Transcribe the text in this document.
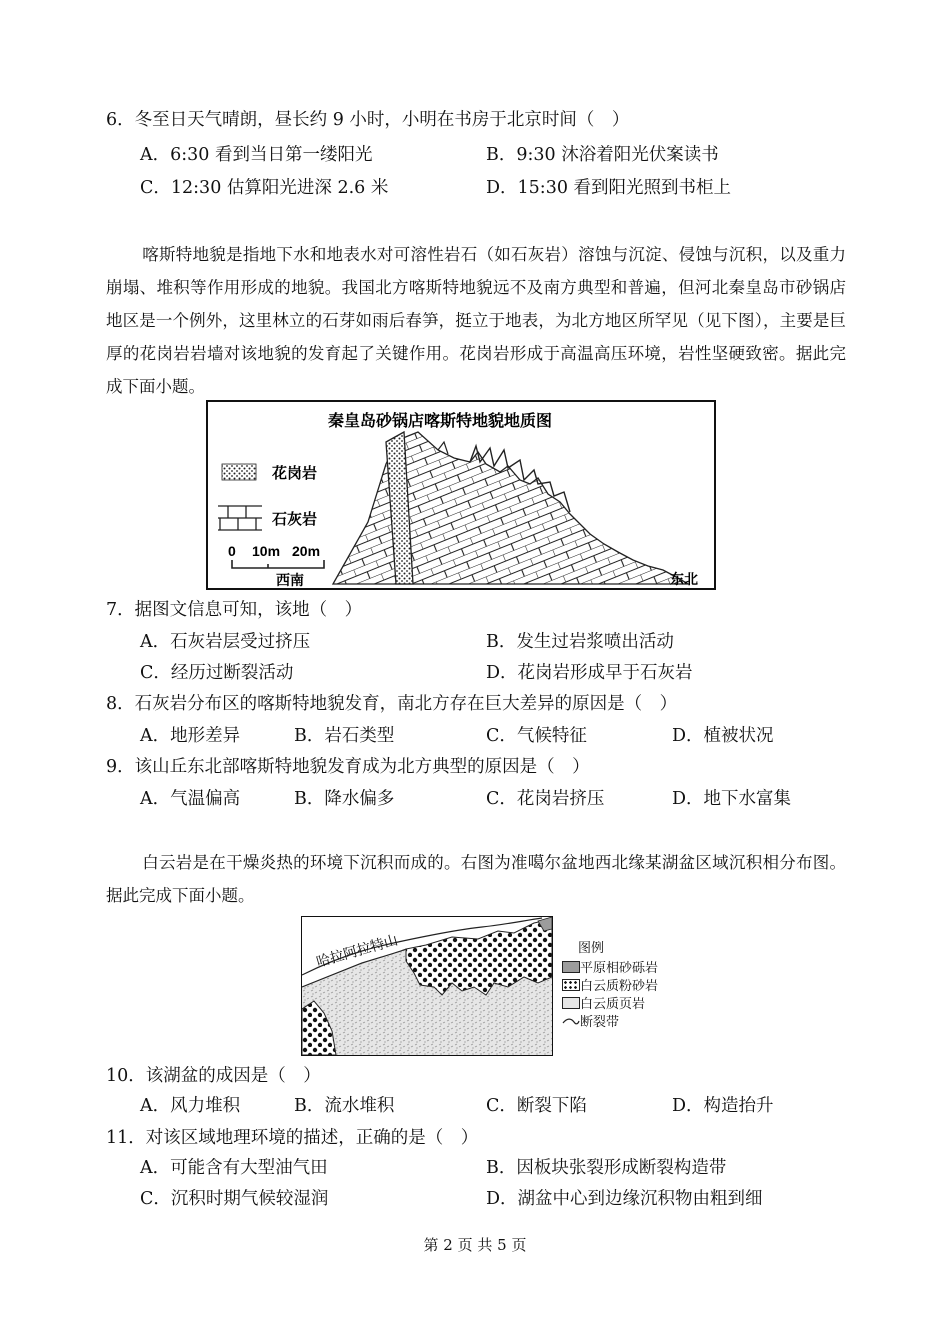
6．冬至日天气晴朗，昼长约 9 小时，小明在书房于北京时间（　）
A．6:30 看到当日第一缕阳光	B．9:30 沐浴着阳光伏案读书
C．12:30 估算阳光进深 2.6 米	D．15:30 看到阳光照到书柜上
喀斯特地貌是指地下水和地表水对可溶性岩石（如石灰岩）溶蚀与沉淀、侵蚀与沉积，以及重力崩塌、堆积等作用形成的地貌。我国北方喀斯特地貌远不及南方典型和普遍，但河北秦皇岛市砂锅店地区是一个例外，这里林立的石芽如雨后春笋，挺立于地表，为北方地区所罕见（见下图），主要是巨厚的花岗岩岩墙对该地貌的发育起了关键作用。花岗岩形成于高温高压环境，岩性坚硬致密。据此完成下面小题。
秦皇岛砂锅店喀斯特地貌地质图
花岗岩
石灰岩
0 10m 20m
西南	东北
7．据图文信息可知，该地（　）
A．石灰岩层受过挤压	B．发生过岩浆喷出活动
C．经历过断裂活动	D．花岗岩形成早于石灰岩
8．石灰岩分布区的喀斯特地貌发育，南北方存在巨大差异的原因是（　）
A．地形差异	B．岩石类型	C．气候特征	D．植被状况
9．该山丘东北部喀斯特地貌发育成为北方典型的原因是（　）
A．气温偏高	B．降水偏多	C．花岗岩挤压	D．地下水富集
白云岩是在干燥炎热的环境下沉积而成的。右图为准噶尔盆地西北缘某湖盆区域沉积相分布图。据此完成下面小题。
哈拉阿拉特山	图例
平原相砂砾岩
白云质粉砂岩
白云质页岩
断裂带
10．该湖盆的成因是（　）
A．风力堆积	B．流水堆积	C．断裂下陷	D．构造抬升
11．对该区域地理环境的描述，正确的是（　）
A．可能含有大型油气田	B．因板块张裂形成断裂构造带
C．沉积时期气候较湿润	D．湖盆中心到边缘沉积物由粗到细
第 2 页 共 5 页
